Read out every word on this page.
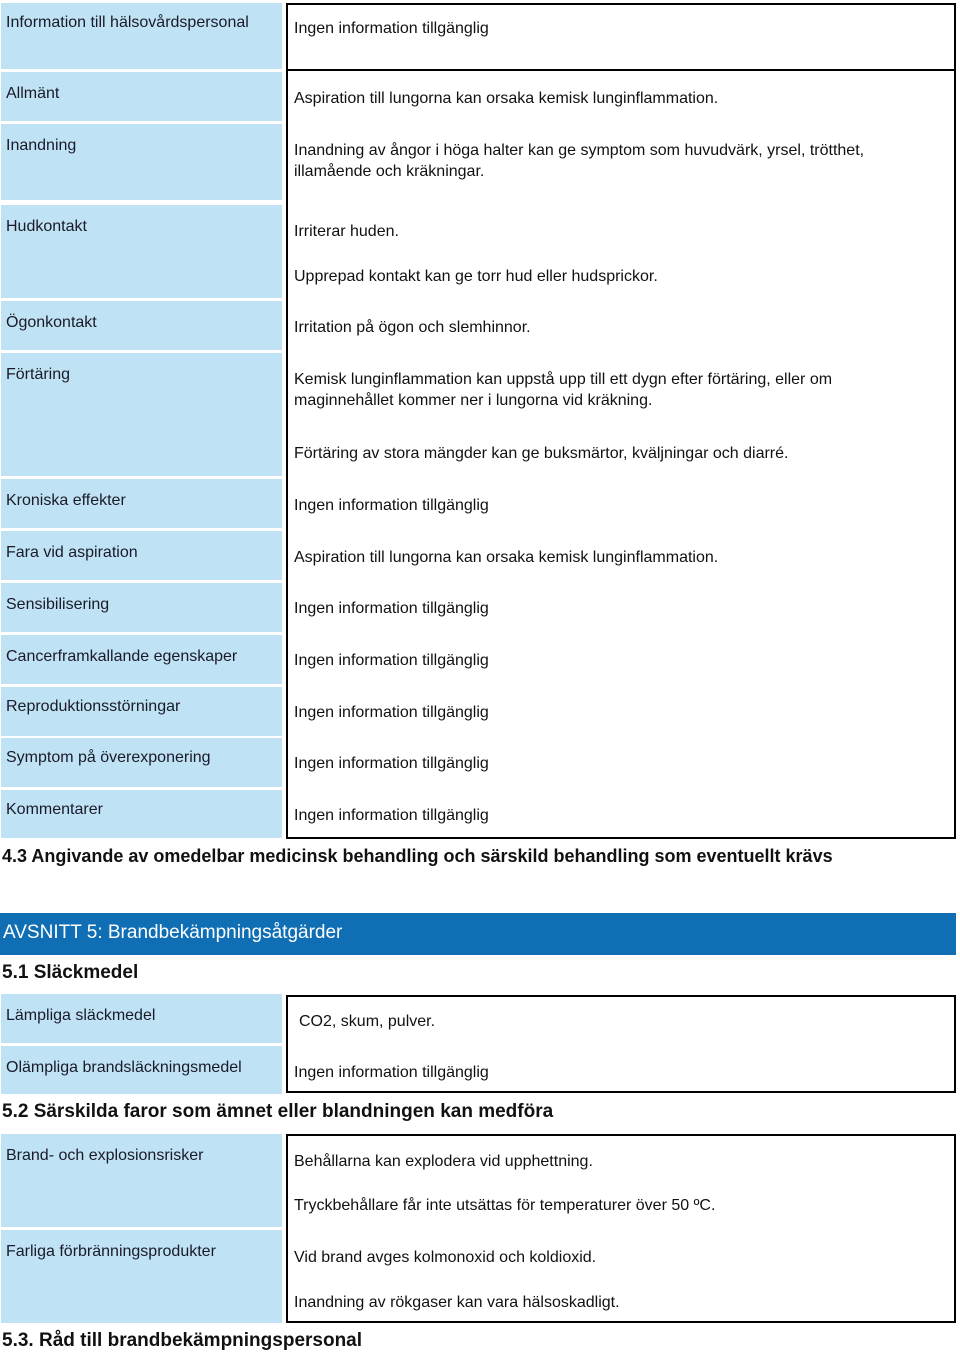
Information till hälsovårdspersonal
Allmänt
Inandning
Hudkontakt
Ögonkontakt
Förtäring
Kroniska effekter
Fara vid aspiration
Sensibilisering
Cancerframkallande egenskaper
Reproduktionsstörningar
Symptom på överexponering
Kommentarer
Ingen information tillgänglig
Aspiration till lungorna kan orsaka kemisk lunginflammation.
Inandning av ångor i höga halter kan ge symptom som huvudvärk, yrsel, trötthet, illamående och kräkningar.
Irriterar huden.
Upprepad kontakt kan ge torr hud eller hudsprickor.
Irritation på ögon och slemhinnor.
Kemisk lunginflammation kan uppstå upp till ett dygn efter förtäring, eller om maginnehållet kommer ner i lungorna vid kräkning.
Förtäring av stora mängder kan ge buksmärtor, kväljningar och diarré.
Ingen information tillgänglig
Aspiration till lungorna kan orsaka kemisk lunginflammation.
Ingen information tillgänglig
Ingen information tillgänglig
Ingen information tillgänglig
Ingen information tillgänglig
Ingen information tillgänglig
4.3 Angivande av omedelbar medicinsk behandling och särskild behandling som eventuellt krävs
AVSNITT 5: Brandbekämpningsåtgärder
5.1 Släckmedel
Lämpliga släckmedel
Olämpliga brandsläckningsmedel
CO2, skum, pulver.
Ingen information tillgänglig
5.2 Särskilda faror som ämnet eller blandningen kan medföra
Brand- och explosionsrisker
Farliga förbränningsprodukter
Behållarna kan explodera vid upphettning.
Tryckbehållare får inte utsättas för temperaturer över 50 ºC.
Vid brand avges kolmonoxid och koldioxid.
Inandning av rökgaser kan vara hälsoskadligt.
5.3. Råd till brandbekämpningspersonal
